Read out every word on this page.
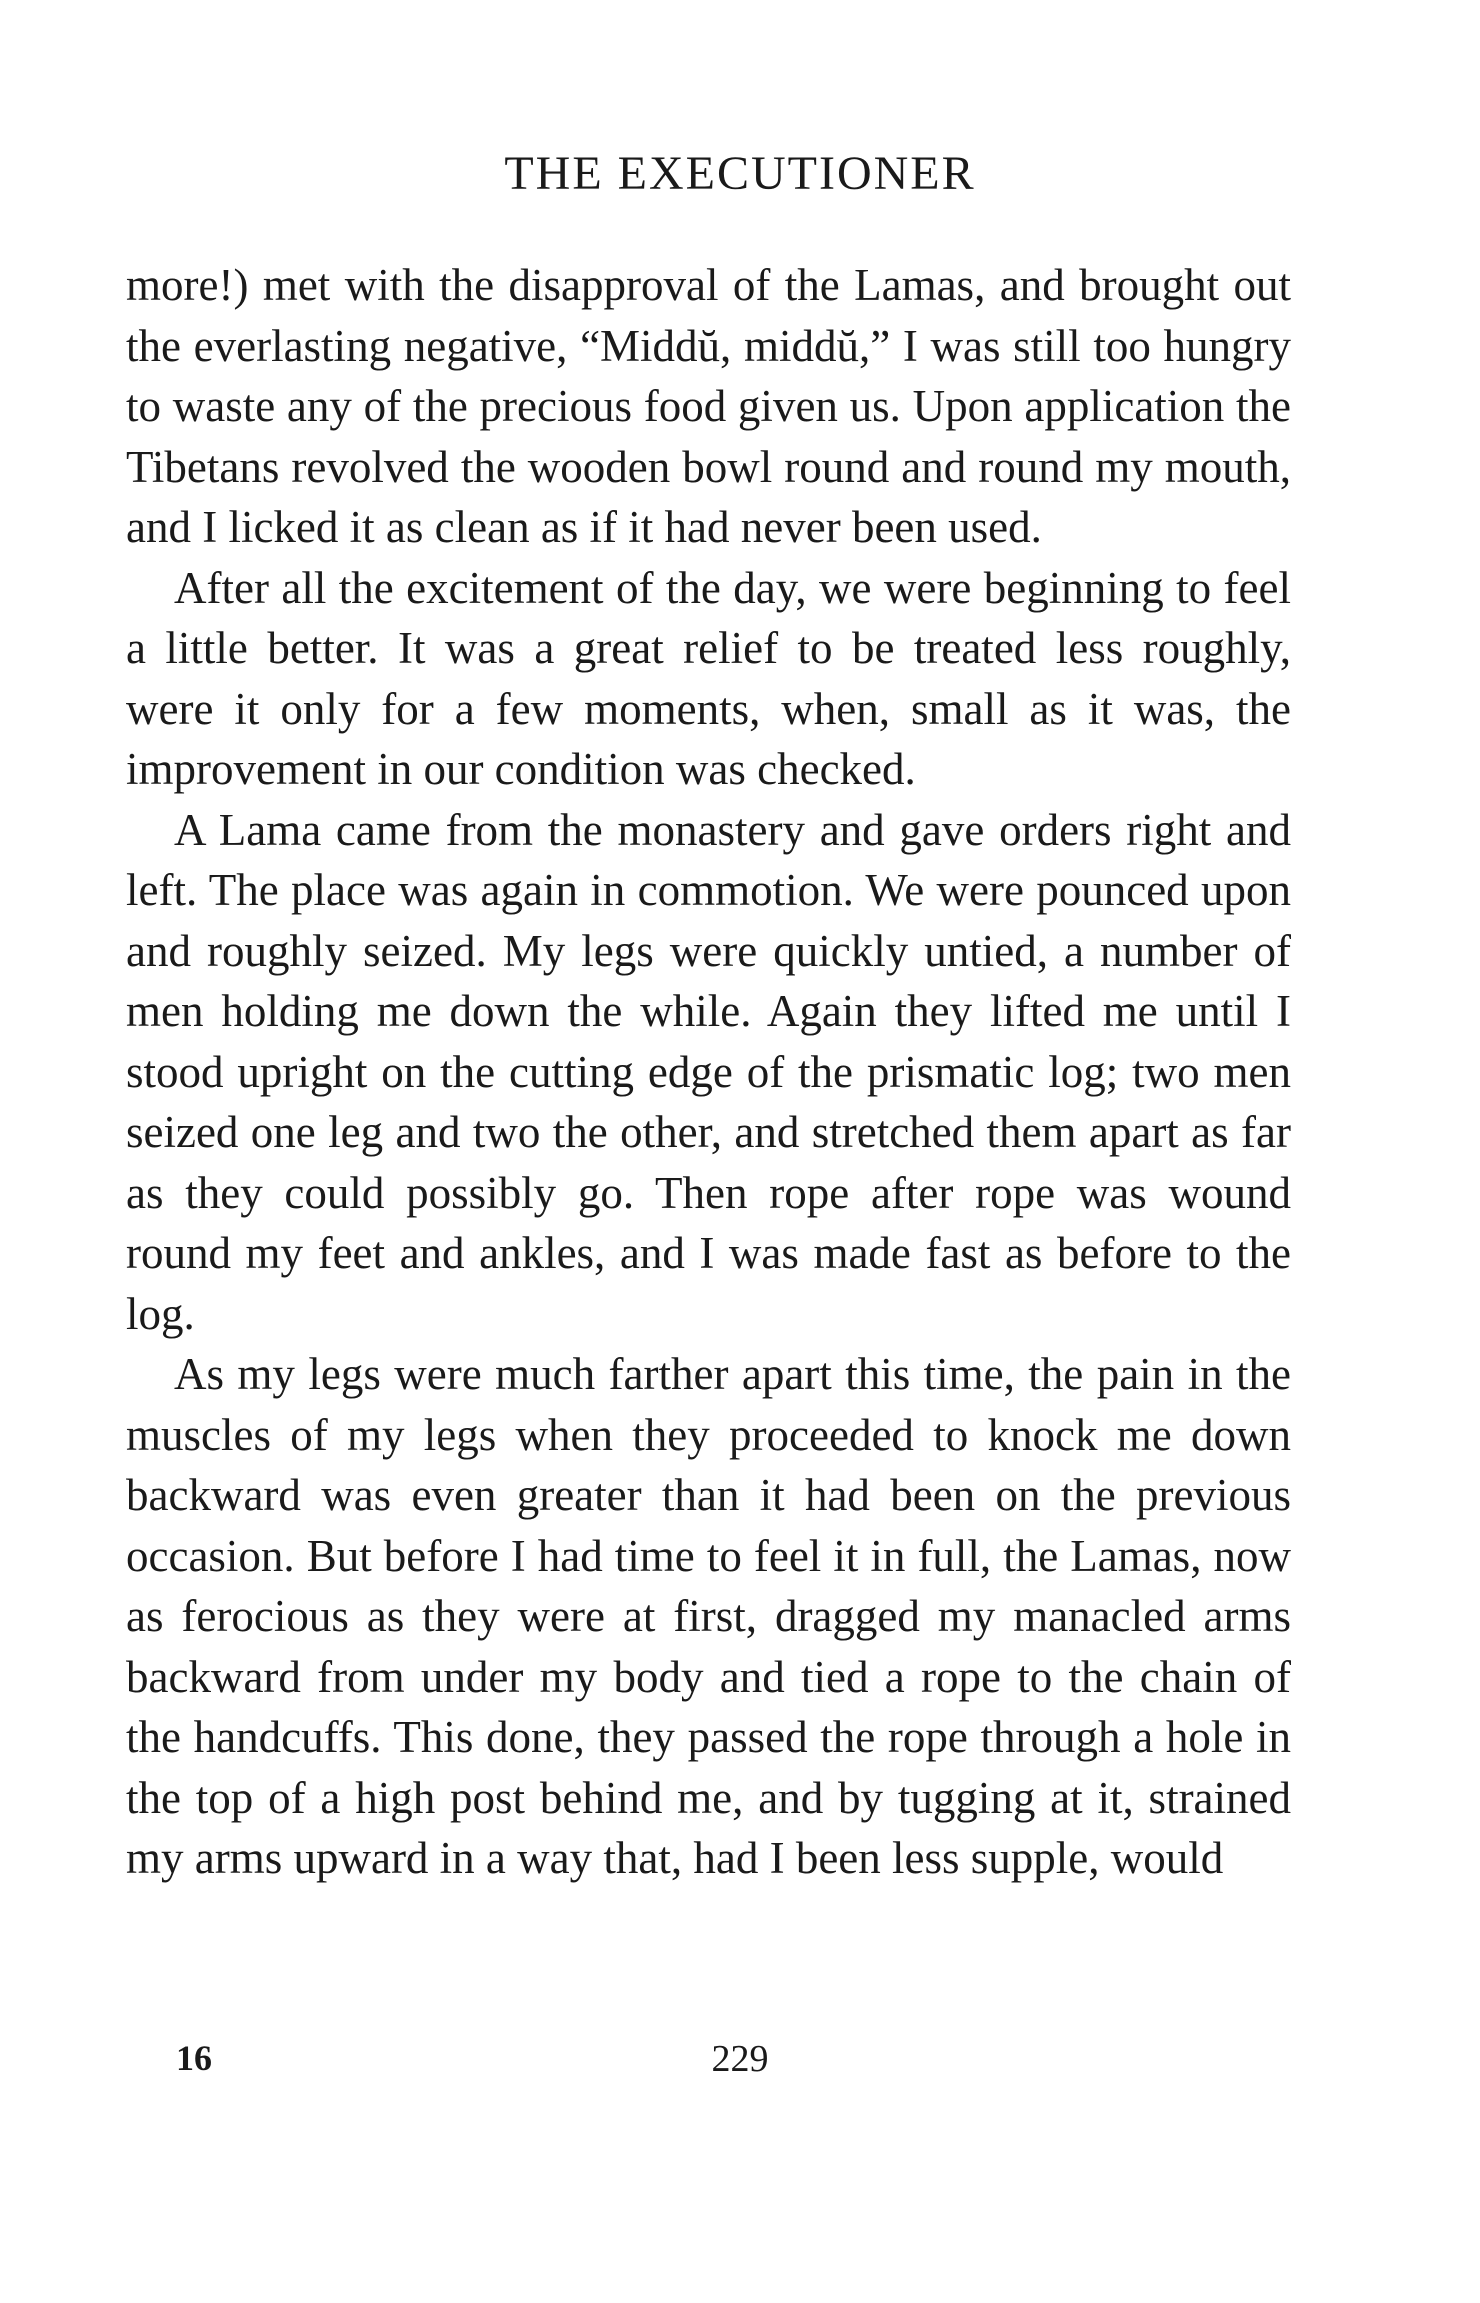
THE EXECUTIONER

more!) met with the disapproval of the Lamas, and brought out the everlasting negative, “Middŭ, middŭ,” I was still too hungry to waste any of the precious food given us. Upon application the Tibetans revolved the wooden bowl round and round my mouth, and I licked it as clean as if it had never been used.

After all the excitement of the day, we were beginning to feel a little better. It was a great relief to be treated less roughly, were it only for a few moments, when, small as it was, the improvement in our condition was checked.

A Lama came from the monastery and gave orders right and left. The place was again in commotion. We were pounced upon and roughly seized. My legs were quickly untied, a number of men holding me down the while. Again they lifted me until I stood upright on the cutting edge of the prismatic log; two men seized one leg and two the other, and stretched them apart as far as they could possibly go. Then rope after rope was wound round my feet and ankles, and I was made fast as before to the log.

As my legs were much farther apart this time, the pain in the muscles of my legs when they proceeded to knock me down backward was even greater than it had been on the previous occasion. But before I had time to feel it in full, the Lamas, now as ferocious as they were at first, dragged my manacled arms backward from under my body and tied a rope to the chain of the handcuffs. This done, they passed the rope through a hole in the top of a high post behind me, and by tugging at it, strained my arms upward in a way that, had I been less supple, would

16	229
